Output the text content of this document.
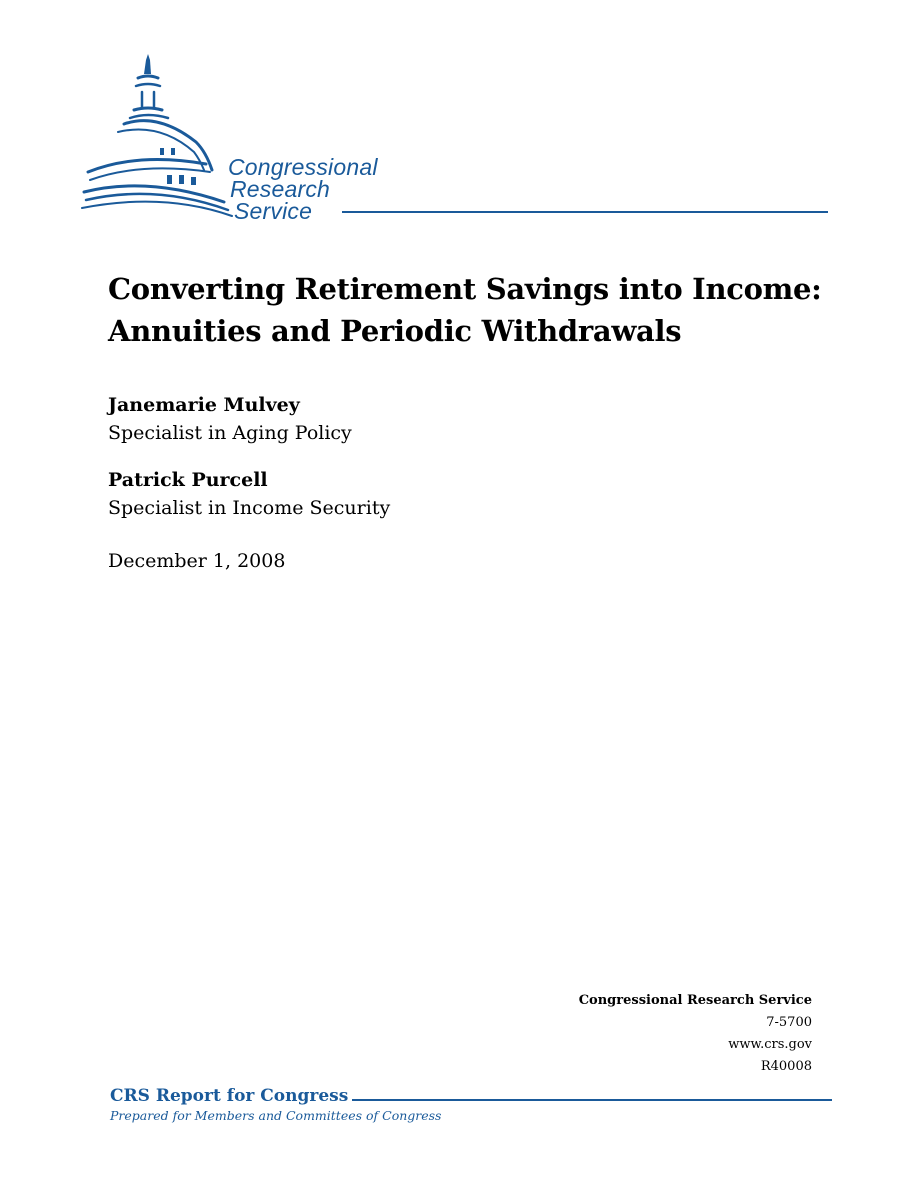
Congressional
Research
Service
Converting Retirement Savings into Income:
Annuities and Periodic Withdrawals
Janemarie Mulvey
Specialist in Aging Policy
Patrick Purcell
Specialist in Income Security
December 1, 2008
Congressional Research Service
7-5700
www.crs.gov
R40008
CRS Report for Congress
Prepared for Members and Committees of Congress
